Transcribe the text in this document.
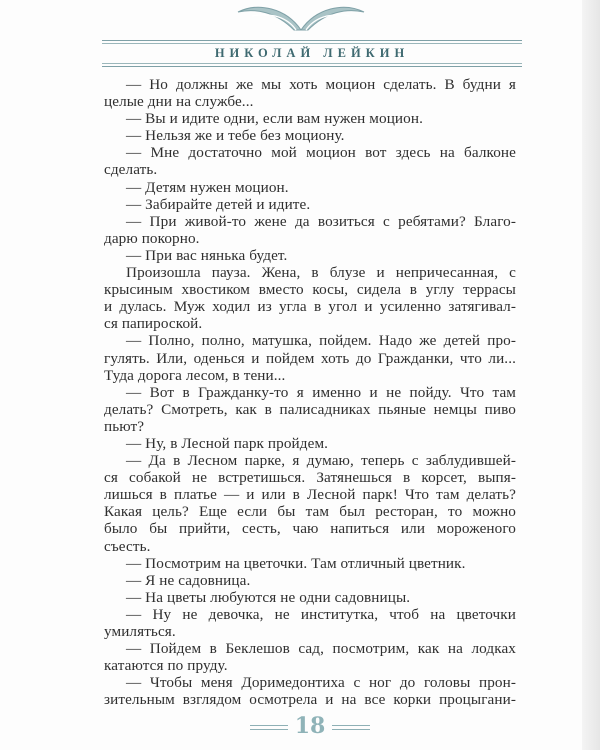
НИКОЛАЙ ЛЕЙКИН
— Но должны же мы хоть моцион сделать. В будни я
целые дни на службе...
— Вы и идите одни, если вам нужен моцион.
— Нельзя же и тебе без моциону.
— Мне достаточно мой моцион вот здесь на балконе
сделать.
— Детям нужен моцион.
— Забирайте детей и идите.
— При живой-то жене да возиться с ребятами? Благо-
дарю покорно.
— При вас нянька будет.
Произошла пауза. Жена, в блузе и непричесанная, с
крысиным хвостиком вместо косы, сидела в углу террасы
и дулась. Муж ходил из угла в угол и усиленно затягивал-
ся папироской.
— Полно, полно, матушка, пойдем. Надо же детей про-
гулять. Или, оденься и пойдем хоть до Гражданки, что ли...
Туда дорога лесом, в тени...
— Вот в Гражданку-то я именно и не пойду. Что там
делать? Смотреть, как в палисадниках пьяные немцы пиво
пьют?
— Ну, в Лесной парк пройдем.
— Да в Лесном парке, я думаю, теперь с заблудившей-
ся собакой не встретишься. Затянешься в корсет, выпя-
лишься в платье — и или в Лесной парк! Что там делать?
Какая цель? Еще если бы там был ресторан, то можно
было бы прийти, сесть, чаю напиться или мороженого
съесть.
— Посмотрим на цветочки. Там отличный цветник.
— Я не садовница.
— На цветы любуются не одни садовницы.
— Ну не девочка, не институтка, чтоб на цветочки
умиляться.
— Пойдем в Беклешов сад, посмотрим, как на лодках
катаются по пруду.
— Чтобы меня Доримедонтиха с ног до головы прон-
зительным взглядом осмотрела и на все корки процыгани-
18
